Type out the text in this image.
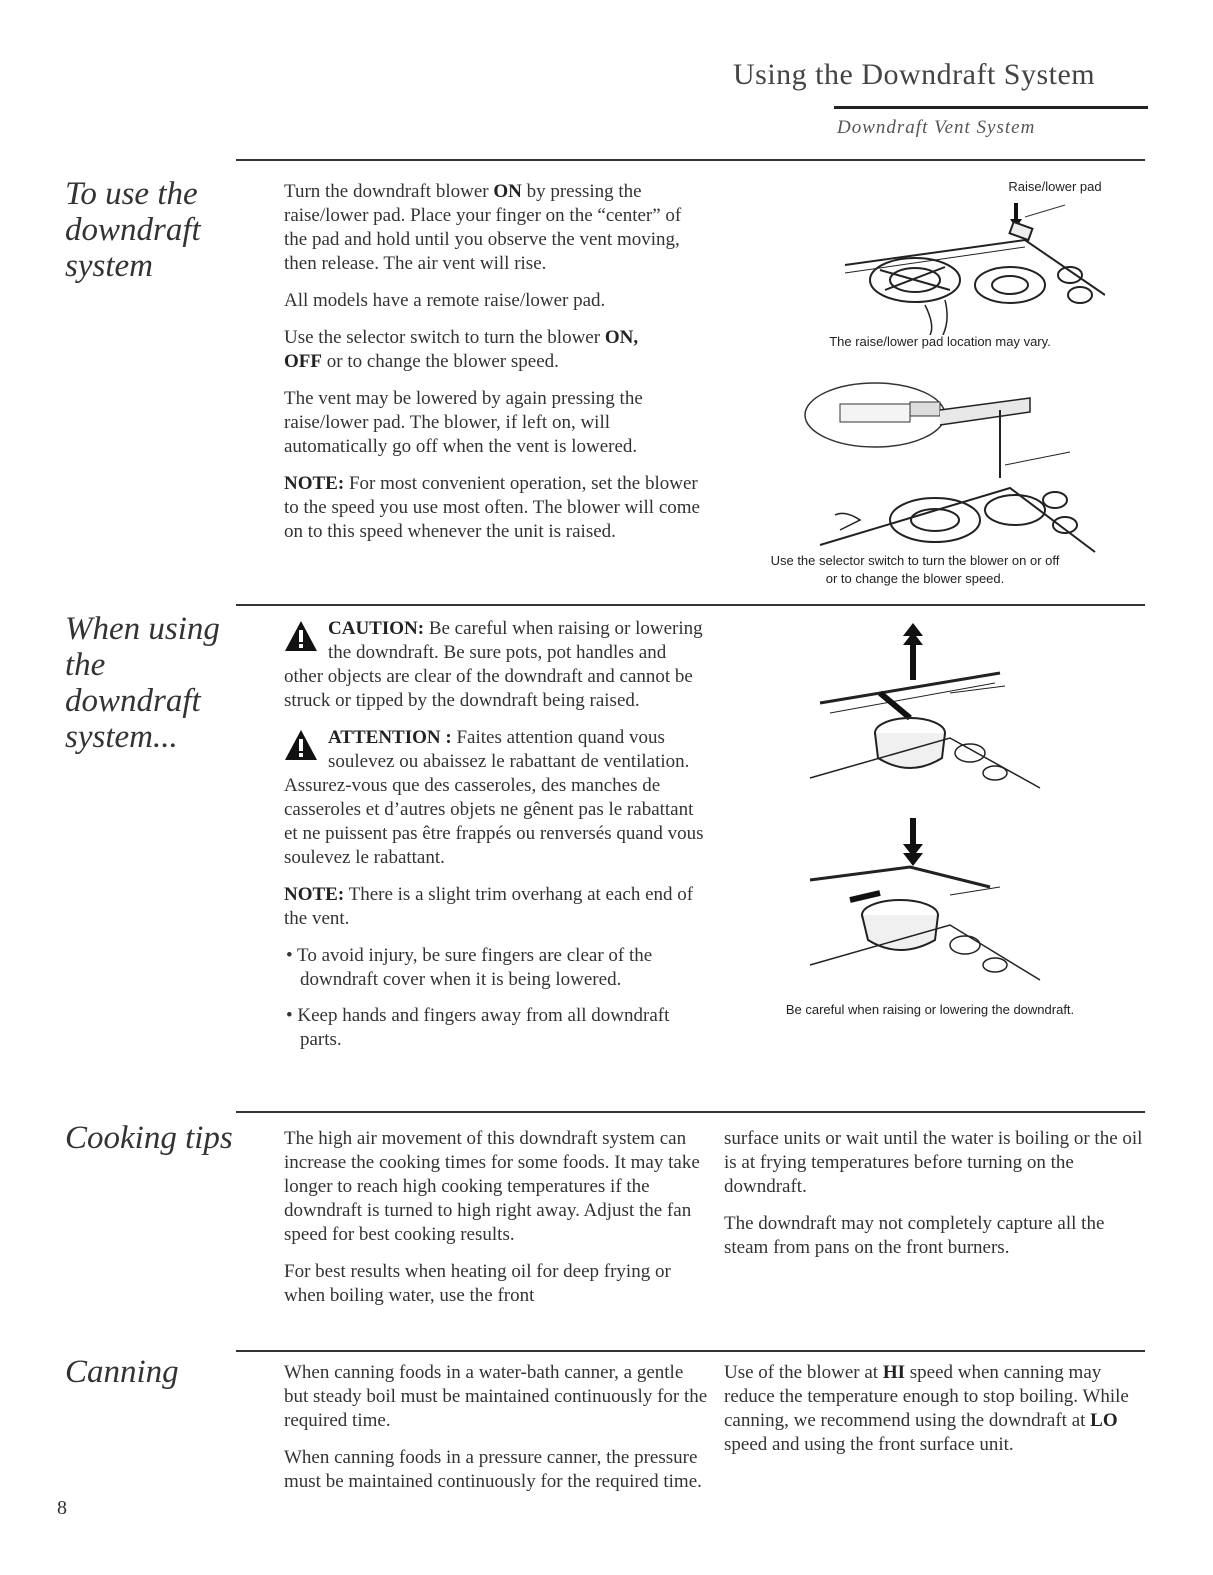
Using the Downdraft System
Downdraft Vent System
To use the downdraft system

Turn the downdraft blower ON by pressing the raise/lower pad. Place your finger on the “center” of the pad and hold until you observe the vent moving, then release. The air vent will rise.

All models have a remote raise/lower pad.

Use the selector switch to turn the blower ON,
OFF or to change the blower speed.

The vent may be lowered by again pressing the raise/lower pad. The blower, if left on, will automatically go off when the vent is lowered.

NOTE: For most convenient operation, set the blower to the speed you use most often. The blower will come on to this speed whenever the unit is raised.

Raise/lower pad
The raise/lower pad location may vary.
Use the selector switch to turn the blower on or off
or to change the blower speed.
When using the downdraft system...

CAUTION: Be careful when raising or lowering the downdraft. Be sure pots, pot handles and other objects are clear of the downdraft and cannot be struck or tipped by the downdraft being raised.

ATTENTION : Faites attention quand vous soulevez ou abaissez le rabattant de ventilation. Assurez-vous que des casseroles, des manches de casseroles et d’autres objets ne gênent pas le rabattant et ne puissent pas être frappés ou renversés quand vous soulevez le rabattant.

NOTE: There is a slight trim overhang at each end of the vent.

• To avoid injury, be sure fingers are clear of the downdraft cover when it is being lowered.
• Keep hands and fingers away from all downdraft parts.
Be careful when raising or lowering the downdraft.
Cooking tips	The high air movement of this downdraft system can increase the cooking times for some foods. It may take longer to reach high cooking temperatures if the downdraft is turned to high right away. Adjust the fan speed for best cooking results.

For best results when heating oil for deep frying or when boiling water, use the front

surface units or wait until the water is boiling or the oil is at frying temperatures before turning on the downdraft.

The downdraft may not completely capture all the steam from pans on the front burners.

Canning	When canning foods in a water-bath canner, a gentle but steady boil must be maintained continuously for the required time.

When canning foods in a pressure canner, the pressure must be maintained continuously for the required time.

Use of the blower at HI speed when canning may reduce the temperature enough to stop boiling. While canning, we recommend using the downdraft at LO speed and using the front surface unit.

8
